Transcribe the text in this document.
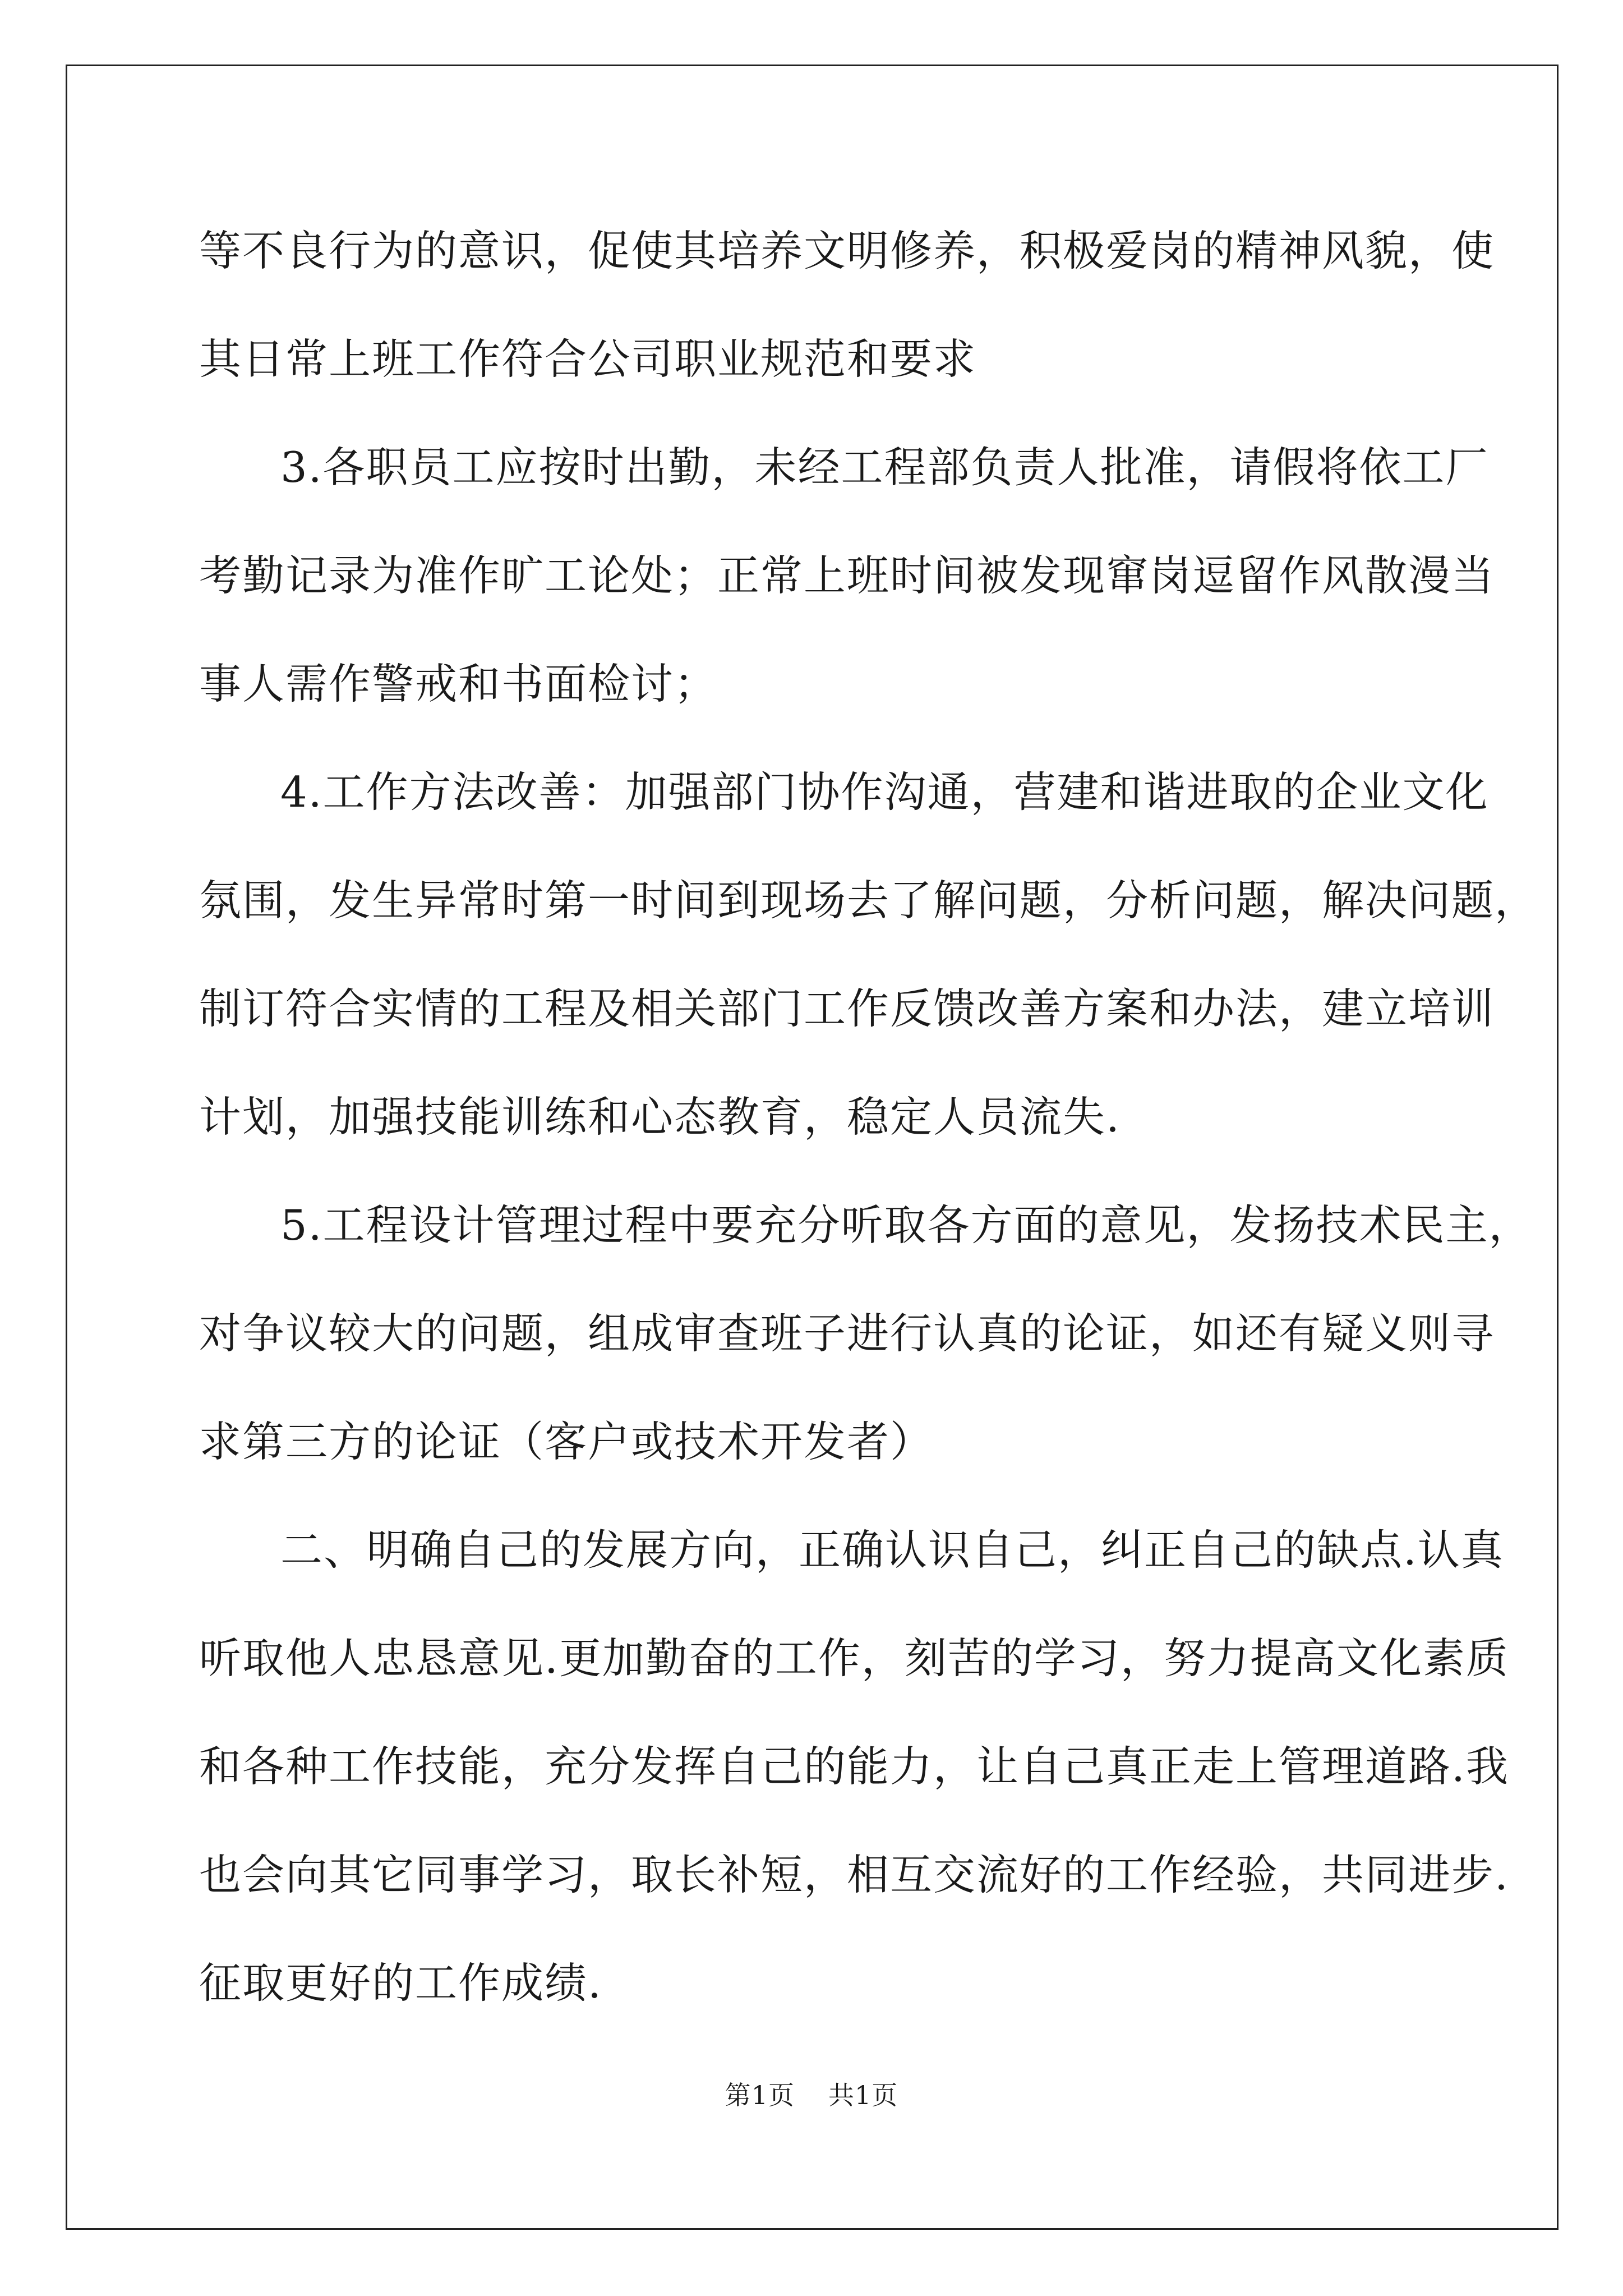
等不良行为的意识，促使其培养文明修养，积极爱岗的精神风貌，使

其日常上班工作符合公司职业规范和要求

3.各职员工应按时出勤，未经工程部负责人批准，请假将依工厂

考勤记录为准作旷工论处；正常上班时间被发现窜岗逗留作风散漫当

事人需作警戒和书面检讨；

4.工作方法改善：加强部门协作沟通，营建和谐进取的企业文化

氛围，发生异常时第一时间到现场去了解问题，分析问题，解决问题，

制订符合实情的工程及相关部门工作反馈改善方案和办法，建立培训

计划，加强技能训练和心态教育，稳定人员流失.

5.工程设计管理过程中要充分听取各方面的意见，发扬技术民主，

对争议较大的问题，组成审查班子进行认真的论证，如还有疑义则寻

求第三方的论证（客户或技术开发者）

二、明确自己的发展方向，正确认识自己，纠正自己的缺点.认真

听取他人忠恳意见.更加勤奋的工作，刻苦的学习，努力提高文化素质

和各种工作技能，充分发挥自己的能力，让自己真正走上管理道路.我

也会向其它同事学习，取长补短，相互交流好的工作经验，共同进步.

征取更好的工作成绩.

第1页 共1页
